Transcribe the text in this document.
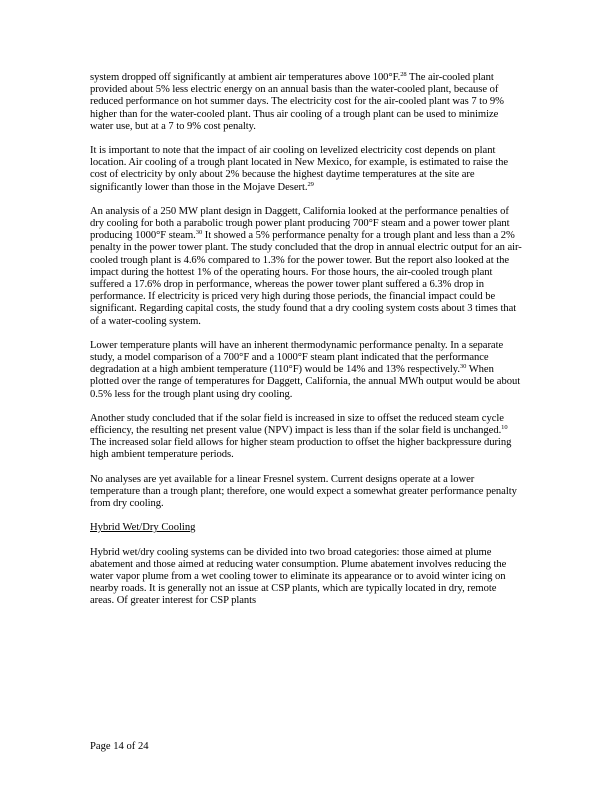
system dropped off significantly at ambient air temperatures above 100°F.$^{28}$ The air-cooled plant provided about 5% less electric energy on an annual basis than the water-cooled plant, because of reduced performance on hot summer days. The electricity cost for the air-cooled plant was 7 to 9% higher than for the water-cooled plant. Thus air cooling of a trough plant can be used to minimize water use, but at a 7 to 9% cost penalty.

It is important to note that the impact of air cooling on levelized electricity cost depends on plant location. Air cooling of a trough plant located in New Mexico, for example, is estimated to raise the cost of electricity by only about 2% because the highest daytime temperatures at the site are significantly lower than those in the Mojave Desert.$^{29}$

An analysis of a 250 MW plant design in Daggett, California looked at the performance penalties of dry cooling for both a parabolic trough power plant producing 700°F steam and a power tower plant producing 1000°F steam.$^{30}$ It showed a 5% performance penalty for a trough plant and less than a 2% penalty in the power tower plant. The study concluded that the drop in annual electric output for an air-cooled trough plant is 4.6% compared to 1.3% for the power tower. But the report also looked at the impact during the hottest 1% of the operating hours. For those hours, the air-cooled trough plant suffered a 17.6% drop in performance, whereas the power tower plant suffered a 6.3% drop in performance. If electricity is priced very high during those periods, the financial impact could be significant. Regarding capital costs, the study found that a dry cooling system costs about 3 times that of a water-cooling system.

Lower temperature plants will have an inherent thermodynamic performance penalty. In a separate study, a model comparison of a 700°F and a 1000°F steam plant indicated that the performance degradation at a high ambient temperature (110°F) would be 14% and 13% respectively.$^{30}$ When plotted over the range of temperatures for Daggett, California, the annual MWh output would be about 0.5% less for the trough plant using dry cooling.

Another study concluded that if the solar field is increased in size to offset the reduced steam cycle efficiency, the resulting net present value (NPV) impact is less than if the solar field is unchanged.$^{10}$ The increased solar field allows for higher steam production to offset the higher backpressure during high ambient temperature periods.

No analyses are yet available for a linear Fresnel system. Current designs operate at a lower temperature than a trough plant; therefore, one would expect a somewhat greater performance penalty from dry cooling.

Hybrid Wet/Dry Cooling

Hybrid wet/dry cooling systems can be divided into two broad categories: those aimed at plume abatement and those aimed at reducing water consumption. Plume abatement involves reducing the water vapor plume from a wet cooling tower to eliminate its appearance or to avoid winter icing on nearby roads. It is generally not an issue at CSP plants, which are typically located in dry, remote areas. Of greater interest for CSP plants

Page 14 of 24
